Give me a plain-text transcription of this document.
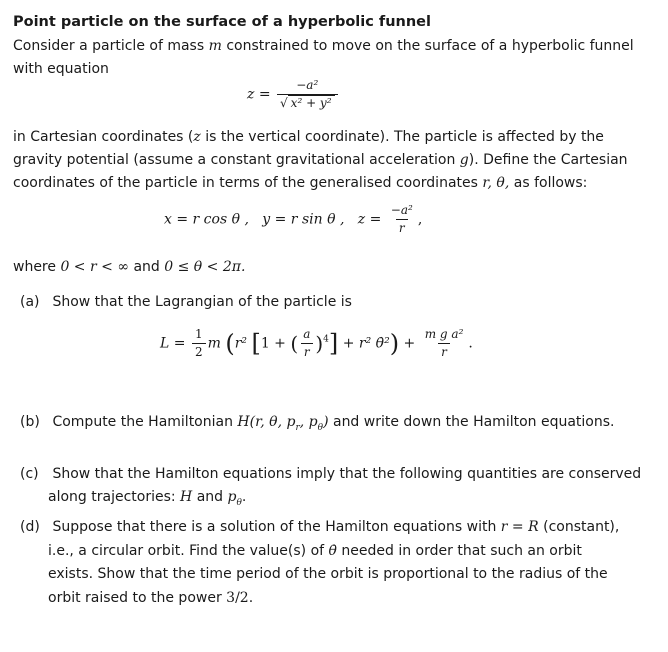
Point particle on the surface of a hyperbolic funnel
Consider a particle of mass m constrained to move on the surface of a hyperbolic funnel
with equation
$z = \frac{\text{−a²}}{\text{√ x² + y²}}$
in Cartesian coordinates (z is the vertical coordinate). The particle is affected by the
gravity potential (assume a constant gravitational acceleration g). Define the Cartesian
coordinates of the particle in terms of the generalised coordinates r, θ, as follows:
x = r cos θ , y = r sin θ , $z = \frac{\text{−a²}}{r}$ ,
where 0 < r < ∞ and 0 ≤ θ < 2π.
(a) Show that the Lagrangian of the particle is
$L = \frac{1}{2}$ m (r² [1 + ( $\frac{a}{r} )^4] + r^2$ θ̇²) + $\frac{\text{m g a²}}{r}$ .
(b) Compute the Hamiltonian H(r, θ, $p_r$, $p_\theta$) and write down the Hamilton equations.
(c) Show that the Hamilton equations imply that the following quantities are conserved
along trajectories: H and $p_\theta$.
(d) Suppose that there is a solution of the Hamilton equations with r = R (constant),
i.e., a circular orbit. Find the value(s) of θ̇ needed in order that such an orbit
exists. Show that the time period of the orbit is proportional to the radius of the
orbit raised to the power 3/2.
